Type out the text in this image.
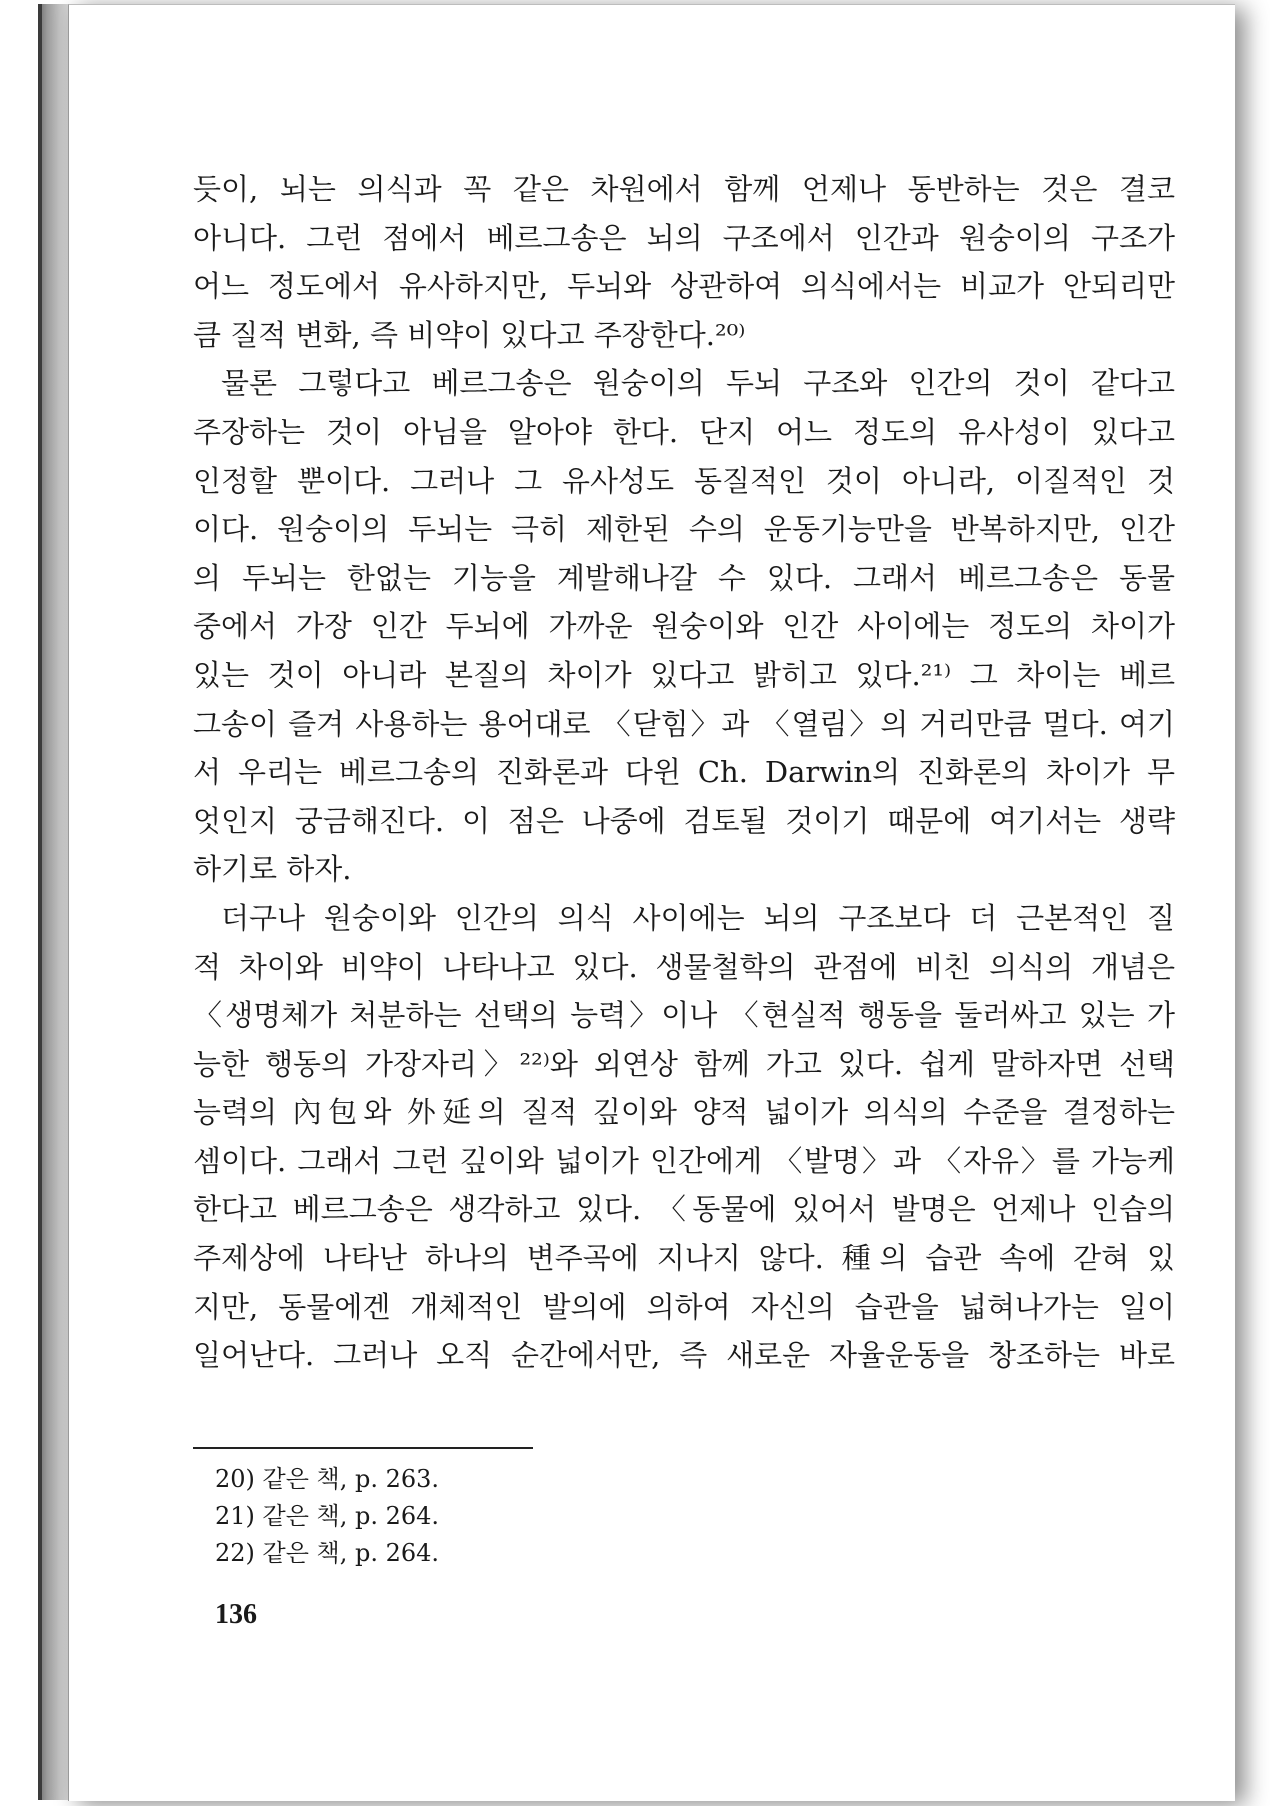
듯이, 뇌는 의식과 꼭 같은 차원에서 함께 언제나 동반하는 것은 결코
아니다. 그런 점에서 베르그송은 뇌의 구조에서 인간과 원숭이의 구조가
어느 정도에서 유사하지만, 두뇌와 상관하여 의식에서는 비교가 안되리만
큼 질적 변화, 즉 비약이 있다고 주장한다.²⁰⁾
물론 그렇다고 베르그송은 원숭이의 두뇌 구조와 인간의 것이 같다고
주장하는 것이 아님을 알아야 한다. 단지 어느 정도의 유사성이 있다고
인정할 뿐이다. 그러나 그 유사성도 동질적인 것이 아니라, 이질적인 것
이다. 원숭이의 두뇌는 극히 제한된 수의 운동기능만을 반복하지만, 인간
의 두뇌는 한없는 기능을 계발해나갈 수 있다. 그래서 베르그송은 동물
중에서 가장 인간 두뇌에 가까운 원숭이와 인간 사이에는 정도의 차이가
있는 것이 아니라 본질의 차이가 있다고 밝히고 있다.²¹⁾ 그 차이는 베르
그송이 즐겨 사용하는 용어대로 〈닫힘〉과 〈열림〉의 거리만큼 멀다. 여기
서 우리는 베르그송의 진화론과 다윈 Ch. Darwin의 진화론의 차이가 무
엇인지 궁금해진다. 이 점은 나중에 검토될 것이기 때문에 여기서는 생략
하기로 하자.
더구나 원숭이와 인간의 의식 사이에는 뇌의 구조보다 더 근본적인 질
적 차이와 비약이 나타나고 있다. 생물철학의 관점에 비친 의식의 개념은
〈생명체가 처분하는 선택의 능력〉이나 〈현실적 행동을 둘러싸고 있는 가
능한 행동의 가장자리〉²²⁾와 외연상 함께 가고 있다. 쉽게 말하자면 선택
능력의 內包와 外延의 질적 깊이와 양적 넓이가 의식의 수준을 결정하는
셈이다. 그래서 그런 깊이와 넓이가 인간에게 〈발명〉과 〈자유〉를 가능케
한다고 베르그송은 생각하고 있다. 〈동물에 있어서 발명은 언제나 인습의
주제상에 나타난 하나의 변주곡에 지나지 않다. 種의 습관 속에 갇혀 있
지만, 동물에겐 개체적인 발의에 의하여 자신의 습관을 넓혀나가는 일이
일어난다. 그러나 오직 순간에서만, 즉 새로운 자율운동을 창조하는 바로
20) 같은 책, p. 263.
21) 같은 책, p. 264.
22) 같은 책, p. 264.
136
